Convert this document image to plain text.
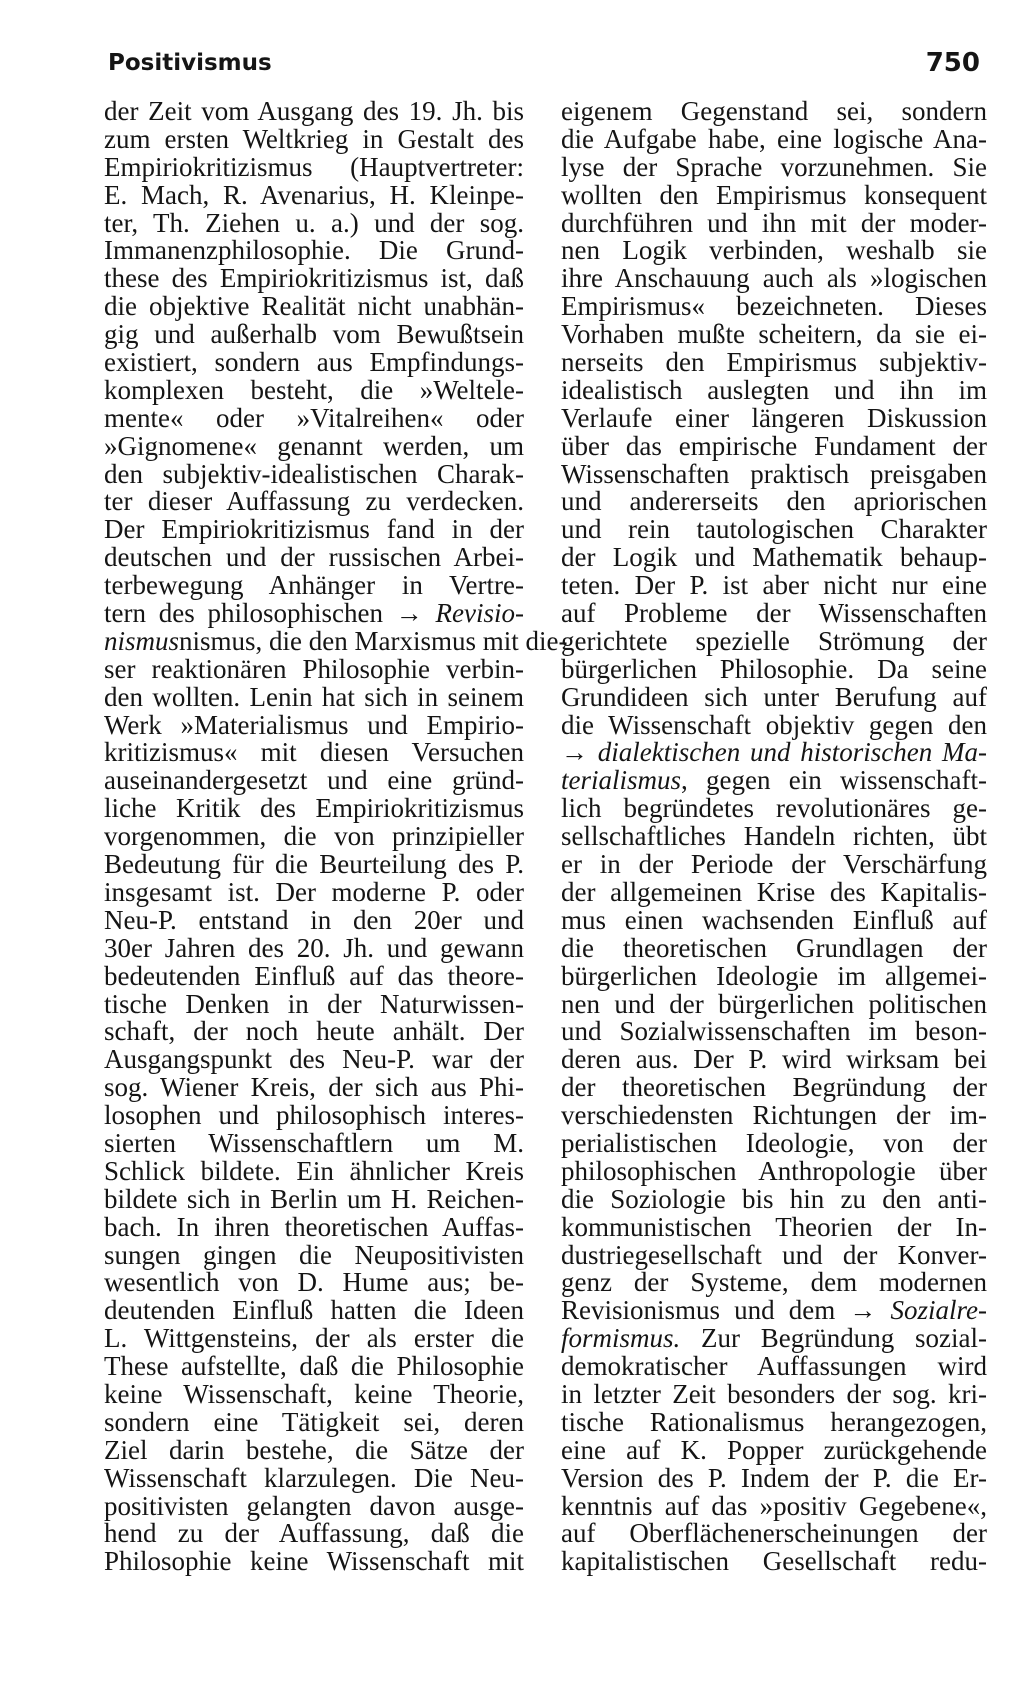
Positivismus	750
der Zeit vom Ausgang des 19. Jh. bis
zum ersten Weltkrieg in Gestalt des
Empiriokritizismus (Hauptvertreter:
E. Mach, R. Avenarius, H. Kleinpe-
ter, Th. Ziehen u. a.) und der sog.
Immanenzphilosophie. Die Grund-
these des Empiriokritizismus ist, daß
die objektive Realität nicht unabhän-
gig und außerhalb vom Bewußtsein
existiert, sondern aus Empfindungs-
komplexen besteht, die »Weltele-
mente« oder »Vitalreihen« oder
»Gignomene« genannt werden, um
den subjektiv-idealistischen Charak-
ter dieser Auffassung zu verdecken.
Der Empiriokritizismus fand in der
deutschen und der russischen Arbei-
terbewegung Anhänger in Vertre-
tern des philosophischen → Revisio-
nismusnismus, die den Marxismus mit die-
ser reaktionären Philosophie verbin-
den wollten. Lenin hat sich in seinem
Werk »Materialismus und Empirio-
kritizismus« mit diesen Versuchen
auseinandergesetzt und eine gründ-
liche Kritik des Empiriokritizismus
vorgenommen, die von prinzipieller
Bedeutung für die Beurteilung des P.
insgesamt ist. Der moderne P. oder
Neu-P. entstand in den 20er und
30er Jahren des 20. Jh. und gewann
bedeutenden Einfluß auf das theore-
tische Denken in der Naturwissen-
schaft, der noch heute anhält. Der
Ausgangspunkt des Neu-P. war der
sog. Wiener Kreis, der sich aus Phi-
losophen und philosophisch interes-
sierten Wissenschaftlern um M.
Schlick bildete. Ein ähnlicher Kreis
bildete sich in Berlin um H. Reichen-
bach. In ihren theoretischen Auffas-
sungen gingen die Neupositivisten
wesentlich von D. Hume aus; be-
deutenden Einfluß hatten die Ideen
L. Wittgensteins, der als erster die
These aufstellte, daß die Philosophie
keine Wissenschaft, keine Theorie,
sondern eine Tätigkeit sei, deren
Ziel darin bestehe, die Sätze der
Wissenschaft klarzulegen. Die Neu-
positivisten gelangten davon ausge-
hend zu der Auffassung, daß die
Philosophie keine Wissenschaft mit
eigenem Gegenstand sei, sondern
die Aufgabe habe, eine logische Ana-
lyse der Sprache vorzunehmen. Sie
wollten den Empirismus konsequent
durchführen und ihn mit der moder-
nen Logik verbinden, weshalb sie
ihre Anschauung auch als »logischen
Empirismus« bezeichneten. Dieses
Vorhaben mußte scheitern, da sie ei-
nerseits den Empirismus subjektiv-
idealistisch auslegten und ihn im
Verlaufe einer längeren Diskussion
über das empirische Fundament der
Wissenschaften praktisch preisgaben
und andererseits den apriorischen
und rein tautologischen Charakter
der Logik und Mathematik behaup-
teten. Der P. ist aber nicht nur eine
auf Probleme der Wissenschaften
gerichtete spezielle Strömung der
bürgerlichen Philosophie. Da seine
Grundideen sich unter Berufung auf
die Wissenschaft objektiv gegen den
→ dialektischen und historischen Ma-
terialismus, gegen ein wissenschaft-
lich begründetes revolutionäres ge-
sellschaftliches Handeln richten, übt
er in der Periode der Verschärfung
der allgemeinen Krise des Kapitalis-
mus einen wachsenden Einfluß auf
die theoretischen Grundlagen der
bürgerlichen Ideologie im allgemei-
nen und der bürgerlichen politischen
und Sozialwissenschaften im beson-
deren aus. Der P. wird wirksam bei
der theoretischen Begründung der
verschiedensten Richtungen der im-
perialistischen Ideologie, von der
philosophischen Anthropologie über
die Soziologie bis hin zu den anti-
kommunistischen Theorien der In-
dustriegesellschaft und der Konver-
genz der Systeme, dem modernen
Revisionismus und dem → Sozialre-
formismus. Zur Begründung sozial-
demokratischer Auffassungen wird
in letzter Zeit besonders der sog. kri-
tische Rationalismus herangezogen,
eine auf K. Popper zurückgehende
Version des P. Indem der P. die Er-
kenntnis auf das »positiv Gegebene«,
auf Oberflächenerscheinungen der
kapitalistischen Gesellschaft redu-
